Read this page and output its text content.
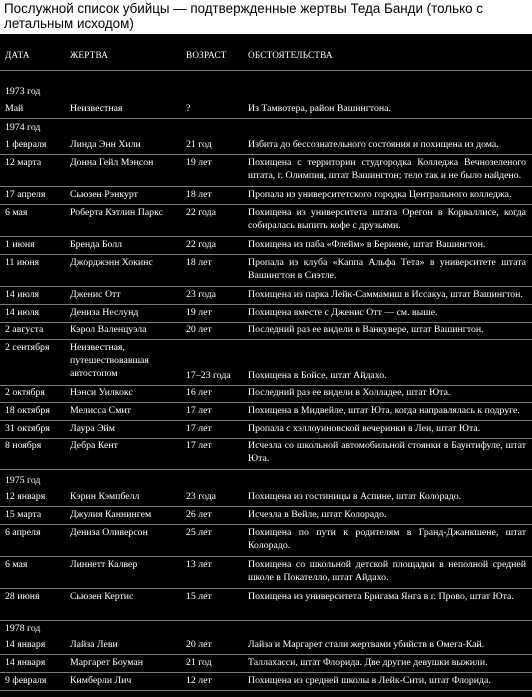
Послужной список убийцы — подтвержденные жертвы Теда Банди (только с летальным исходом)
ДАТА	ЖЕРТВА	ВОЗРАСТ ОБСТОЯТЕЛЬСТВА
1973 год
Май	Неизвестная	?	Из Тамвотера, район Вашингтона.
1974 год
1 февраля Линда Энн Хили	21 год	Избита до бессознательного состояния и похищена из дома.
12 марта	Донна Гейл Мэнсон	19 лет	Похищена с территории студгородка Колледжа Вечнозеленого штата, г. Олимпия, штат Вашингтон; тело так и не было найдено.
17 апреля	Сьюзен Рэнкурт	18 лет	Пропала из университетского городка Центрального колледжа.
6 мая	Роберта Кэтлин Паркс 22 года	Похищена из университета штата Орегон в Корваллисе, когда собиралась выпить кофе с друзьями.
1 июня	Бренда Болл	22 года	Похищена из паба «Флейм» в Бериене, штат Вашингтон.
11 июня	Джорджэнн Хокинс	18 лет	Пропала из клуба «Каппа Альфа Тета» в университете штата Вашингтон в Сиэтле.
14 июля	Дженис Отт	23 года	Похищена из парка Лейк-Саммамиш в Иссакуа, штат Вашингтон.
14 июля	Дениза Неслунд	19 лет	Похищена вместе с Дженис Отт — см. выше.
2 августа	Кэрол Валенцуэла	20 лет	Последний раз ее видели в Ванкувере, штат Вашингтон.
2 сентября Неизвестная,
путешествовавшая
автостопом	17–23 года Похищена в Бойсе, штат Айдахо.
2 октября	Нэнси Уилкокс	16 лет	Последний раз ее видели в Холладее, штат Юта.
18 октября Мелисса Смит	17 лет	Похищена в Мидвейле, штат Юта, когда направлялась к подруге.
31 октября Лаура Эйм	17 лет	Пропала с хэллоуиновской вечеринки в Леи, штат Юта.
8 ноября	Дебра Кент	17 лет	Исчезла со школьной автомобильной стоянки в Баунтифуле, штат Юта.
1975 год
12 января	Кэрин Кэмпбелл	23 года	Похищена из гостиницы в Аспине, штат Колорадо.
15 марта	Джулия Каннингем	26 лет	Исчезла в Вейле, штат Колорадо.
6 апреля	Дениза Оливерсон	25 лет	Похищена по пути к родителям в Гранд-Джанкшене, штат Колорадо.
6 мая	Линнетт Калвер	13 лет	Похищена со школьной детской площадки в неполной средней школе в Покателло, штат Айдахо.
28 июня	Сьюзен Кертис	15 лет	Похищена из университета Бригама Янга в г. Прово, штат Юта.
1978 год
14 января	Лайза Леви	20 лет	Лайза и Маргарет стали жертвами убийств в Омега-Кай.
14 января	Маргарет Боуман	21 год	Таллахасси, штат Флорида. Две другие девушки выжили.
9 февраля Кимберли Лич	12 лет	Похищена из средней школы в Лейк-Сити, штат Флорида.
